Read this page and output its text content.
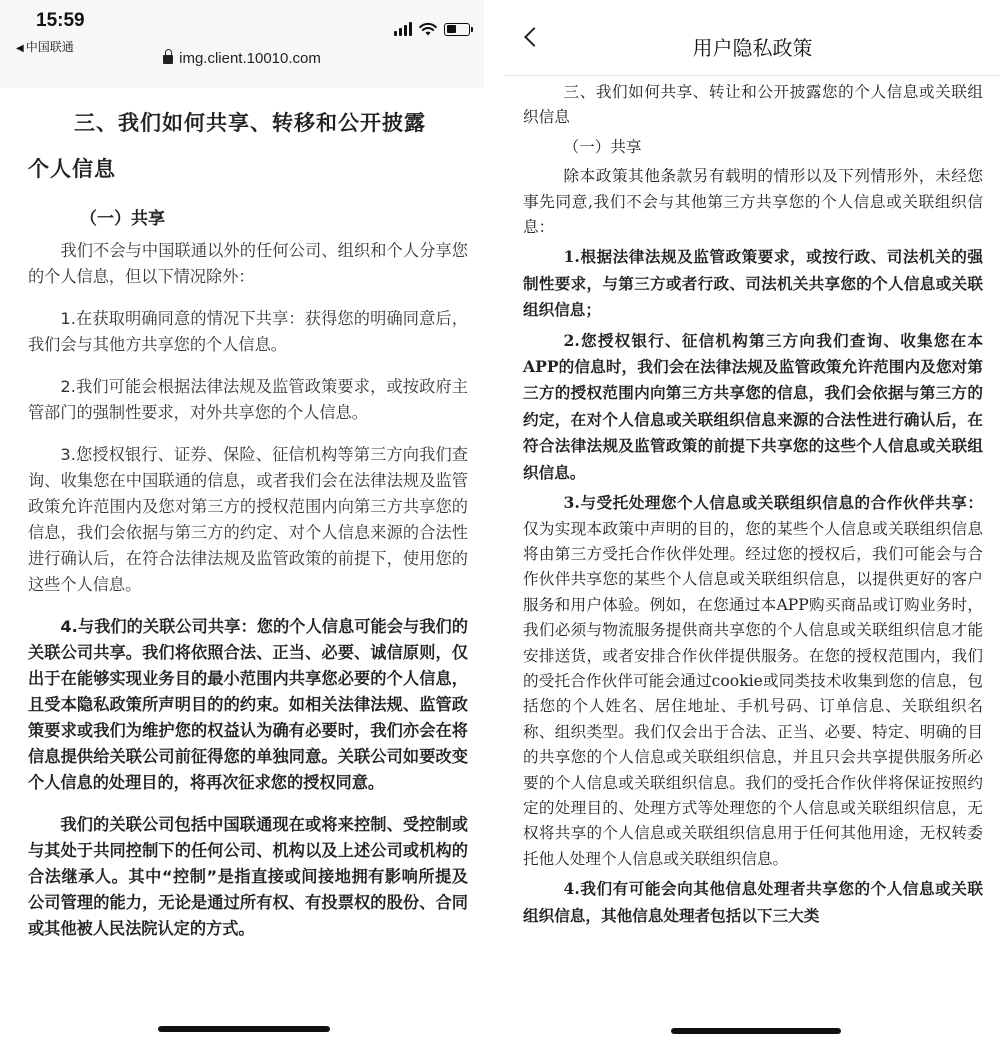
15:59
◀ 中国联通
img.client.10010.com
三、我们如何共享、转移和公开披露
个人信息
（一）共享

我们不会与中国联通以外的任何公司、组织和个人分享您的个人信息，但以下情况除外：

1.在获取明确同意的情况下共享：获得您的明确同意后，我们会与其他方共享您的个人信息。

2.我们可能会根据法律法规及监管政策要求，或按政府主管部门的强制性要求，对外共享您的个人信息。

3.您授权银行、证券、保险、征信机构等第三方向我们查询、收集您在中国联通的信息，或者我们会在法律法规及监管政策允许范围内及您对第三方的授权范围内向第三方共享您的信息，我们会依据与第三方的约定、对个人信息来源的合法性进行确认后，在符合法律法规及监管政策的前提下，使用您的这些个人信息。

4.与我们的关联公司共享：您的个人信息可能会与我们的关联公司共享。我们将依照合法、正当、必要、诚信原则，仅出于在能够实现业务目的最小范围内共享您必要的个人信息，且受本隐私政策所声明目的的约束。如相关法律法规、监管政策要求或我们为维护您的权益认为确有必要时，我们亦会在将信息提供给关联公司前征得您的单独同意。关联公司如要改变个人信息的处理目的，将再次征求您的授权同意。

我们的关联公司包括中国联通现在或将来控制、受控制或与其处于共同控制下的任何公司、机构以及上述公司或机构的合法继承人。其中“控制”是指直接或间接地拥有影响所提及公司管理的能力，无论是通过所有权、有投票权的股份、合同或其他被人民法院认定的方式。

用户隐私政策

三、我们如何共享、转让和公开披露您的个人信息或关联组织信息

（一）共享

除本政策其他条款另有载明的情形以及下列情形外，未经您事先同意,我们不会与其他第三方共享您的个人信息或关联组织信息：

1.根据法律法规及监管政策要求，或按行政、司法机关的强制性要求，与第三方或者行政、司法机关共享您的个人信息或关联组织信息；

2.您授权银行、征信机构第三方向我们查询、收集您在本APP的信息时，我们会在法律法规及监管政策允许范围内及您对第三方的授权范围内向第三方共享您的信息，我们会依据与第三方的约定，在对个人信息或关联组织信息来源的合法性进行确认后，在符合法律法规及监管政策的前提下共享您的这些个人信息或关联组织信息。

3.与受托处理您个人信息或关联组织信息的合作伙伴共享：仅为实现本政策中声明的目的，您的某些个人信息或关联组织信息将由第三方受托合作伙伴处理。经过您的授权后，我们可能会与合作伙伴共享您的某些个人信息或关联组织信息，以提供更好的客户服务和用户体验。例如，在您通过本APP购买商品或订购业务时，我们必须与物流服务提供商共享您的个人信息或关联组织信息才能安排送货，或者安排合作伙伴提供服务。在您的授权范围内，我们的受托合作伙伴可能会通过cookie或同类技术收集到您的信息，包括您的个人姓名、居住地址、手机号码、订单信息、关联组织名称、组织类型。我们仅会出于合法、正当、必要、特定、明确的目的共享您的个人信息或关联组织信息，并且只会共享提供服务所必要的个人信息或关联组织信息。我们的受托合作伙伴将保证按照约定的处理目的、处理方式等处理您的个人信息或关联组织信息，无权将共享的个人信息或关联组织信息用于任何其他用途，无权转委托他人处理个人信息或关联组织信息。

4.我们有可能会向其他信息处理者共享您的个人信息或关联组织信息，其他信息处理者包括以下三大类
